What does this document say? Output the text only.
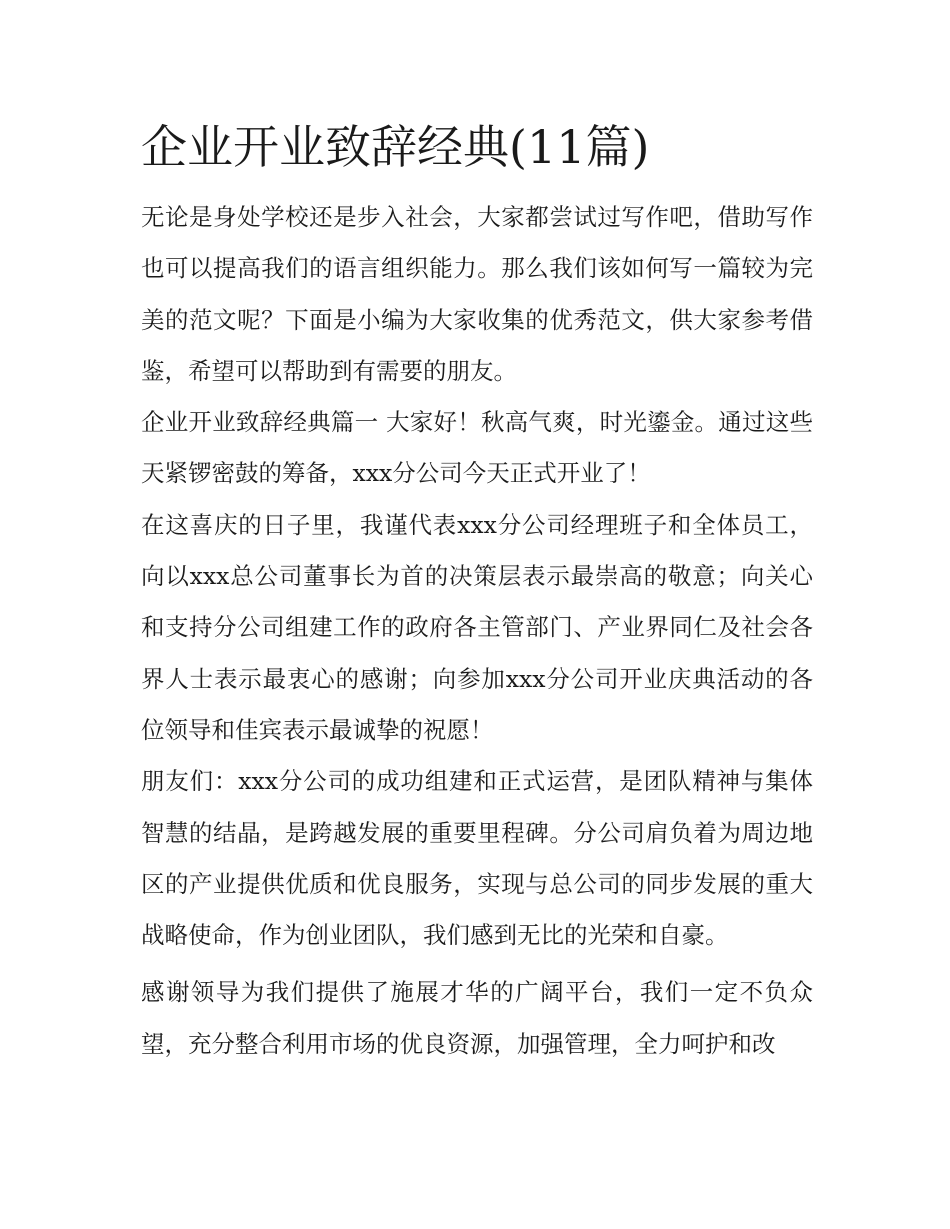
企业开业致辞经典(11篇)

无论是身处学校还是步入社会，大家都尝试过写作吧，借助写作也可以提高我们的语言组织能力。那么我们该如何写一篇较为完美的范文呢？下面是小编为大家收集的优秀范文，供大家参考借鉴，希望可以帮助到有需要的朋友。

企业开业致辞经典篇一 大家好！秋高气爽，时光鎏金。通过这些天紧锣密鼓的筹备，xxx分公司今天正式开业了！

在这喜庆的日子里，我谨代表xxx分公司经理班子和全体员工，向以xxx总公司董事长为首的决策层表示最崇高的敬意；向关心和支持分公司组建工作的政府各主管部门、产业界同仁及社会各界人士表示最衷心的感谢；向参加xxx分公司开业庆典活动的各位领导和佳宾表示最诚挚的祝愿！

朋友们：xxx分公司的成功组建和正式运营，是团队精神与集体智慧的结晶，是跨越发展的重要里程碑。分公司肩负着为周边地区的产业提供优质和优良服务，实现与总公司的同步发展的重大战略使命，作为创业团队，我们感到无比的光荣和自豪。

感谢领导为我们提供了施展才华的广阔平台，我们一定不负众望，充分整合利用市场的优良资源，加强管理，全力呵护和改
